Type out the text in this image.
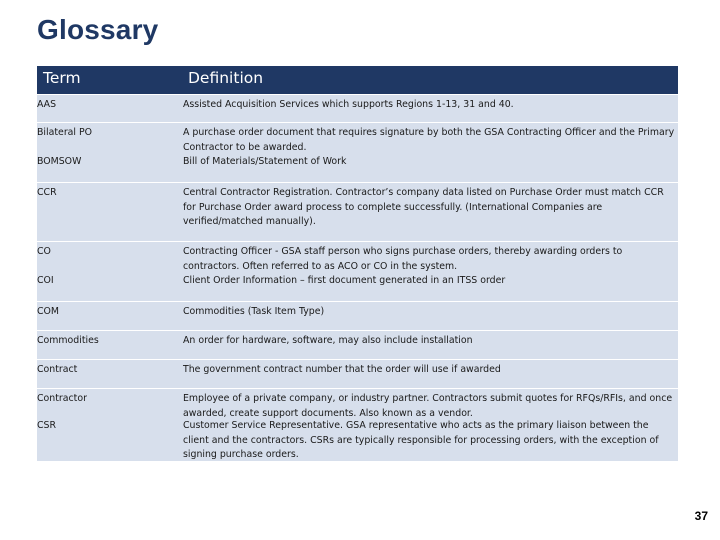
Glossary
Term	Definition
AAS	Assisted Acquisition Services which supports Regions 1-13, 31 and 40.
Bilateral PO	A purchase order document that requires signature by both the GSA Contracting Officer and the Primary Contractor to be awarded.
BOMSOW	Bill of Materials/Statement of Work
CCR	Central Contractor Registration. Contractor’s company data listed on Purchase Order must match CCR for Purchase Order award process to complete successfully. (International Companies are verified/matched manually).
CO	Contracting Officer - GSA staff person who signs purchase orders, thereby awarding orders to contractors. Often referred to as ACO or CO in the system.
COI	Client Order Information – first document generated in an ITSS order
COM	Commodities (Task Item Type)
Commodities	An order for hardware, software, may also include installation
Contract	The government contract number that the order will use if awarded
Contractor	Employee of a private company, or industry partner. Contractors submit quotes for RFQs/RFIs, and once awarded, create support documents. Also known as a vendor.
CSR	Customer Service Representative. GSA representative who acts as the primary liaison between the client and the contractors. CSRs are typically responsible for processing orders, with the exception of signing purchase orders.
37
